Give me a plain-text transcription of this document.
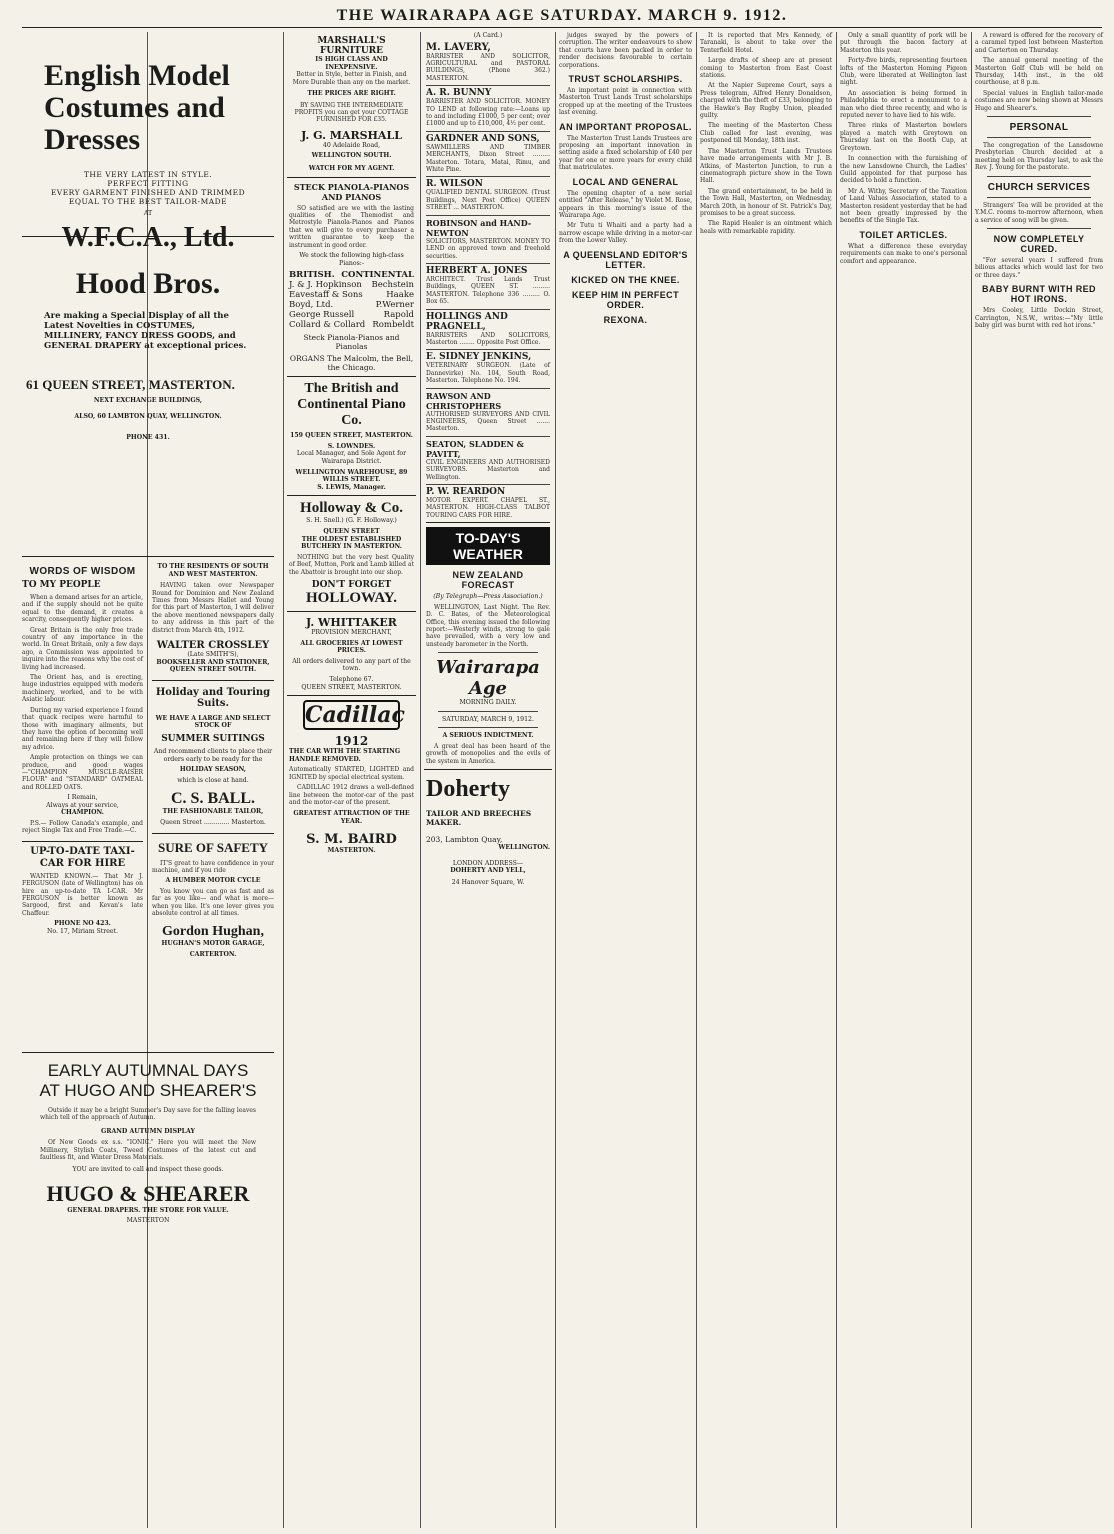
THE WAIRARAPA AGE SATURDAY. MARCH 9. 1912.
English Model Costumes and Dresses
THE VERY LATEST IN STYLE.
PERFECT FITTING
EVERY GARMENT FINISHED AND TRIMMED EQUAL TO THE BEST TAILOR-MADE
AT
W.F.C.A., Ltd.
Hood Bros.
Are making a Special Display of all the Latest Novelties in COSTUMES, MILLINERY, FANCY DRESS GOODS, and GENERAL DRAPERY at exceptional prices.
61 QUEEN STREET, MASTERTON.
NEXT EXCHANGE BUILDINGS,
ALSO, 60 LAMBTON QUAY, WELLINGTON.
PHONE 431.
WORDS OF WISDOM
TO MY PEOPLE
When a demand arises for an article, and if the supply should not be quite equal to the demand, it creates a scarcity, consequently higher prices.
Great Britain is the only free trade country of any importance in the world. In Great Britain, only a few days ago, a Commission was appointed to inquire into the reasons why the cost of living had increased.
The Orient has, and is erecting, huge industries equipped with modern machinery, worked, and to be with Asiatic labour.
During my varied experience I found that quack recipes were harmful to those with imaginary ailments, but they have the option of becoming well and remaining here if they will follow my advice.
Ample protection on things we can produce, and good wages—"CHAMPION MUSCLE-RAISER FLOUR" and "STANDARD" OATMEAL and ROLLED OATS.
I Remain,
Always at your service,
CHAMPION.
P.S.— Follow Canada's example, and reject Single Tax and Free Trade.—C.
UP-TO-DATE TAXI-CAR FOR HIRE
WANTED KNOWN.— That Mr J. FERGUSON (late of Wellington) has on hire an up-to-date TA I-CAR. Mr FERGUSON is better known as Sargood, first and Kevan's late Chaffeur.
PHONE NO 423.
No. 17, Miriam Street.
TO THE RESIDENTS OF SOUTH AND WEST MASTERTON.
HAVING taken over Newspaper Round for Dominion and New Zealand Times from Messrs Hallet and Young for this part of Masterton, I will deliver the above mentioned newspapers daily to any address in this part of the district from March 4th, 1912.
WALTER CROSSLEY
(Late SMITH'S),
BOOKSELLER AND STATIONER, QUEEN STREET SOUTH.
Holiday and Touring Suits.
WE HAVE A LARGE AND SELECT STOCK OF
SUMMER SUITINGS
And recommend clients to place their orders early to be ready for the
HOLIDAY SEASON,
which is close at hand.
C. S. BALL.
THE FASHIONABLE TAILOR,
Queen Street ............. Masterton.
SURE OF SAFETY
IT'S great to have confidence in your machine, and if you ride
A HUMBER MOTOR CYCLE
You know you can go as fast and as far as you like— and what is more— when you like. It's one lever gives you absolute control at all times.
Gordon Hughan,
HUGHAN'S MOTOR GARAGE,
CARTERTON.
EARLY AUTUMNAL DAYS
AT HUGO AND SHEARER'S
Outside it may be a bright Summer's Day save for the falling leaves which tell of the approach of Autumn.
GRAND AUTUMN DISPLAY
Of New Goods ex s.s. "IONIC." Here you will meet the New Millinery, Stylish Coats, Tweed Costumes of the latest cut and faultless fit, and Winter Dress Materials.
YOU are invited to call and inspect these goods.
HUGO & SHEARER
GENERAL DRAPERS. THE STORE FOR VALUE.
MASTERTON
MARSHALL'S FURNITURE
IS HIGH CLASS AND INEXPENSIVE.
Better in Style, better in Finish, and More Durable than any on the market.
THE PRICES ARE RIGHT.
BY SAVING THE INTERMEDIATE PROFITS you can get your COTTAGE FURNISHED FOR £35.
J. G. MARSHALL
40 Adelaide Road,
WELLINGTON SOUTH.
WATCH FOR MY AGENT.
STECK PIANOLA-PIANOS AND PIANOS
SO satisfied are we with the lasting qualities of the Themodist and Metrostyle Pianola-Pianos and Pianos that we will give to every purchaser a written guarantee to keep the instrument in good order.
We stock the following high-class Pianos:-
BRITISH. CONTINENTAL
J. & J. Hopkinson Bechstein
Eavestaff & Sons	Haake
Boyd, Ltd.	P.Werner
George Russell	Rapold
Collard & Collard Rombeldt
Steck Pianola-Pianos and Pianolas
ORGANS The Malcolm, the Bell, the Chicago.
The British and Continental Piano Co.
159 QUEEN STREET, MASTERTON.
S. LOWNDES.
Local Manager, and Sole Agent for Wairarapa District.
WELLINGTON WAREHOUSE, 89 WILLIS STREET.
S. LEWIS, Manager.
Holloway & Co.
S. H. Snell.) (G. F. Holloway.)
QUEEN STREET
THE OLDEST ESTABLISHED BUTCHERY IN MASTERTON.
NOTHING but the very best Quality of Beef, Mutton, Pork and Lamb killed at the Abattoir is brought into our shop.
DON'T FORGET
HOLLOWAY.
J. WHITTAKER
PROVISION MERCHANT,
ALL GROCERIES AT LOWEST PRICES.
All orders delivered to any part of the town.
Telephone 67.
QUEEN STREET, MASTERTON.
Cadillac
1912
THE CAR WITH THE STARTING HANDLE REMOVED.
Automatically STARTED, LIGHTED and IGNITED by special electrical system.
CADILLAC 1912 draws a well-defined line between the motor-car of the past and the motor-car of the present.
GREATEST ATTRACTION OF THE YEAR.
S. M. BAIRD
MASTERTON.
(A Card.)
M. LAVERY,
BARRISTER AND SOLICITOR, AGRICULTURAL and PASTORAL BUILDINGS, (Phone 362.) MASTERTON.
A. R. BUNNY
BARRISTER AND SOLICITOR. MONEY TO LEND at following rate:—Loans up to and including £1000, 5 per cent; over £1000 and up to £10,000, 4½ per cent.
GARDNER AND SONS,
SAWMILLERS AND TIMBER MERCHANTS, Dixon Street ......... Masterton. Totara, Matai, Rimu, and White Pine.
R. WILSON
QUALIFIED DENTAL SURGEON. (Trust Buildings, Next Post Office) QUEEN STREET ... MASTERTON.
ROBINSON and HAND-NEWTON
SOLICITORS, MASTERTON. MONEY TO LEND on approved town and freehold securities.
HERBERT A. JONES
ARCHITECT. Trust Lands Trust Buildings, QUEEN ST. ......... MASTERTON. Telephone 336 ......... O. Box 65.
HOLLINGS AND PRAGNELL,
BARRISTERS AND SOLICITORS, Masterton ........ Opposite Post Office.
E. SIDNEY JENKINS,
VETERINARY SURGEON. (Late of Dannevirke) No. 104, South Road, Masterton. Telephone No. 194.
RAWSON AND CHRISTOPHERS
AUTHORISED SURVEYORS AND CIVIL ENGINEERS, Queen Street ....... Masterton.
SEATON, SLADDEN & PAVITT,
CIVIL ENGINEERS AND AUTHORISED SURVEYORS. Masterton and Wellington.
P. W. REARDON
MOTOR EXPERT. CHAPEL ST., MASTERTON. HIGH-CLASS TALBOT TOURING CARS FOR HIRE.
TO-DAY'S WEATHER
NEW ZEALAND FORECAST
(By Telegraph—Press Association.)
WELLINGTON, Last Night. The Rev. D. C. Bates, of the Meteorological Office, this evening issued the following report:—Westerly winds, strong to gale have prevailed, with a very low and unsteady barometer in the North.
Wairarapa Age
MORNING DAILY.
SATURDAY, MARCH 9, 1912.
A SERIOUS INDICTMENT.
A great deal has been heard of the growth of monopolies and the evils of the system in America.
Doherty
TAILOR AND BREECHES MAKER.
203, Lambton Quay,
WELLINGTON.
LONDON ADDRESS—
DOHERTY AND YELL,
24 Hanover Square, W.
judges swayed by the powers of corruption. The writer endeavours to show that courts have been packed in order to render decisions favourable to certain corporations.
TRUST SCHOLARSHIPS.
An important point in connection with Masterton Trust Lands Trust scholarships cropped up at the meeting of the Trustees last evening.
AN IMPORTANT PROPOSAL.
The Masterton Trust Lands Trustees are proposing an important innovation in setting aside a fixed scholarship of £40 per year for one or more years for every child that matriculates.
LOCAL AND GENERAL
The opening chapter of a new serial entitled "After Release," by Violet M. Rose, appears in this morning's issue of the Wairarapa Age.
Mr Tutu ti Whaiti and a party had a narrow escape while driving in a motor-car from the Lower Valley.
A QUEENSLAND EDITOR'S LETTER.
KICKED ON THE KNEE.
KEEP HIM IN PERFECT ORDER.
REXONA.
It is reported that Mrs Kennedy, of Taranaki, is about to take over the Tenterfield Hotel.
Large drafts of sheep are at present coming to Masterton from East Coast stations.
At the Napier Supreme Court, says a Press telegram, Alfred Henry Donaldson, charged with the theft of £33, belonging to the Hawke's Bay Rugby Union, pleaded guilty.
The meeting of the Masterton Chess Club called for last evening, was postponed till Monday, 18th inst.
The Masterton Trust Lands Trustees have made arrangements with Mr J. B. Atkins, of Masterton Junction, to run a cinematograph picture show in the Town Hall.
The grand entertainment, to be held in the Town Hall, Masterton, on Wednesday, March 20th, in honour of St. Patrick's Day, promises to be a great success.
The Rapid Healer is an ointment which heals with remarkable rapidity.
Only a small quantity of pork will be put through the bacon factory at Masterton this year.
Forty-five birds, representing fourteen lofts of the Masterton Homing Pigeon Club, were liberated at Wellington last night.
An association is being formed in Philadelphia to erect a monument to a man who died three recently, and who is reputed never to have lied to his wife.
Three rinks of Masterton bowlers played a match with Greytown on Thursday last on the Booth Cup, at Greytown.
In connection with the furnishing of the new Lansdowne Church, the Ladies' Guild appointed for that purpose has decided to hold a function.
Mr A. Withy, Secretary of the Taxation of Land Values Association, stated to a Masterton resident yesterday that he had not been greatly impressed by the benefits of the Single Tax.
TOILET ARTICLES.
What a difference these everyday requirements can make to one's personal comfort and appearance.
A reward is offered for the recovery of a caramel typed lost between Masterton and Carterton on Thursday.
The annual general meeting of the Masterton Golf Club will be held on Thursday, 14th inst., in the old courthouse, at 8 p.m.
Special values in English tailor-made costumes are now being shown at Messrs Hugo and Shearer's.
PERSONAL
The congregation of the Lansdowne Presbyterian Church decided at a meeting held on Thursday last, to ask the Rev. J. Young for the pastorate.
CHURCH SERVICES
Strangers' Tea will be provided at the Y.M.C. rooms to-morrow afternoon, when a service of song will be given.
NOW COMPLETELY CURED.
"For several years I suffered from bilious attacks which would last for two or three days."
BABY BURNT WITH RED HOT IRONS.
Mrs Cooley, Little Dockin Street, Carrington, N.S.W., writes:—"My little baby girl was burnt with red hot irons."
